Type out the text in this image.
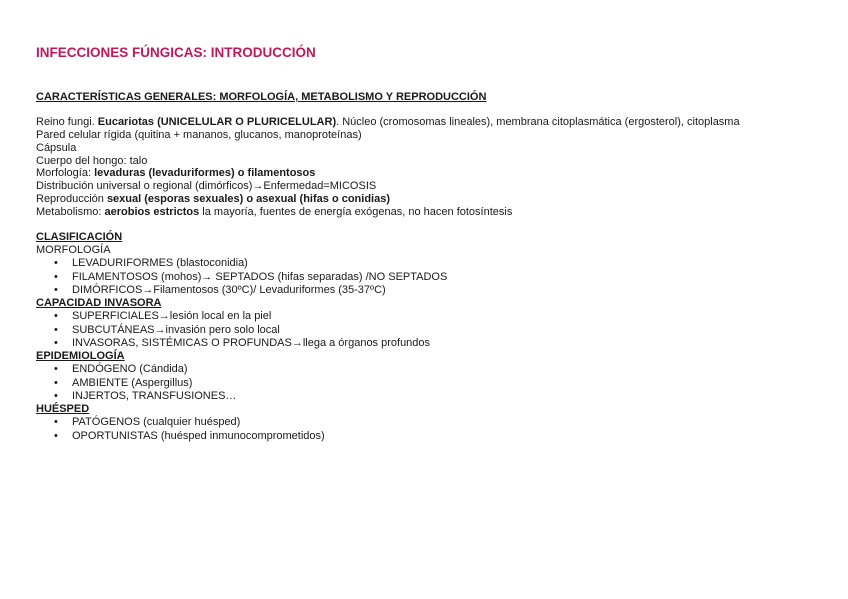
INFECCIONES FÚNGICAS: INTRODUCCIÓN
CARACTERÍSTICAS GENERALES: MORFOLOGÍA, METABOLISMO Y REPRODUCCIÓN
Reino fungi. Eucariotas (UNICELULAR O PLURICELULAR). Núcleo (cromosomas lineales), membrana citoplasmática (ergosterol), citoplasma
Pared celular rígida (quitina + mananos, glucanos, manoproteínas)
Cápsula
Cuerpo del hongo: talo
Morfología: levaduras (levaduriformes) o filamentosos
Distribución universal o regional (dimórficos)→Enfermedad=MICOSIS
Reproducción sexual (esporas sexuales) o asexual (hifas o conidias)
Metabolismo: aerobios estrictos la mayoría, fuentes de energía exógenas, no hacen fotosíntesis
CLASIFICACIÓN
MORFOLOGÍA
•LEVADURIFORMES (blastoconidia)
•FILAMENTOSOS (mohos)→ SEPTADOS (hifas separadas) /NO SEPTADOS
•DIMÓRFICOS→Filamentosos (30ºC)/ Levaduriformes (35-37ºC)
CAPACIDAD INVASORA
•SUPERFICIALES→lesión local en la piel
•SUBCUTÁNEAS→invasión pero solo local
•INVASORAS, SISTÉMICAS O PROFUNDAS→llega a órganos profundos
EPIDEMIOLOGÍA
•ENDÓGENO (Cándida)
•AMBIENTE (Aspergillus)
•INJERTOS, TRANSFUSIONES…
HUÉSPED
•PATÓGENOS (cualquier huésped)
•OPORTUNISTAS (huésped inmunocomprometidos)
